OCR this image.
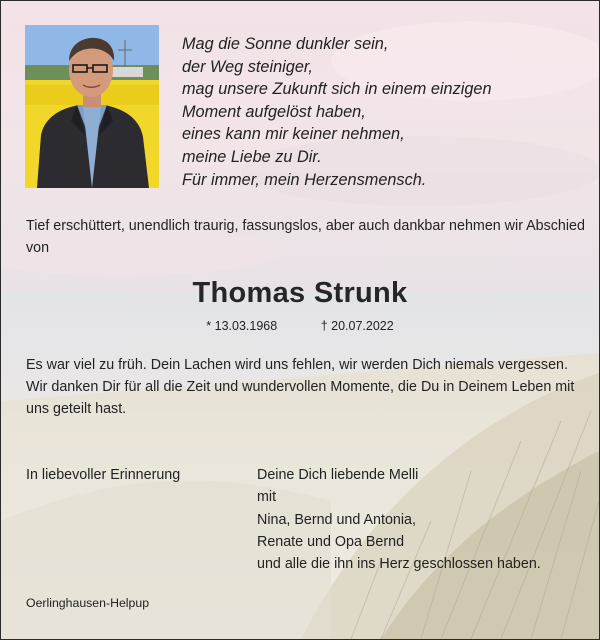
Mag die Sonne dunkler sein,
der Weg steiniger,
mag unsere Zukunft sich in einem einzigen
Moment aufgelöst haben,
eines kann mir keiner nehmen,
meine Liebe zu Dir.
Für immer, mein Herzensmensch.
Tief erschüttert, unendlich traurig, fassungslos, aber auch dankbar nehmen wir Abschied von
Thomas Strunk
* 13.03.1968	† 20.07.2022

Es war viel zu früh. Dein Lachen wird uns fehlen, wir werden Dich niemals vergessen.

Wir danken Dir für all die Zeit und wundervollen Momente, die Du in Deinem Leben mit uns geteilt hast.

In liebevoller Erinnerung	Deine Dich liebende Melli
mit
Nina, Bernd und Antonia,
Renate und Opa Bernd
und alle die ihn ins Herz geschlossen haben.
Oerlinghausen-Helpup
